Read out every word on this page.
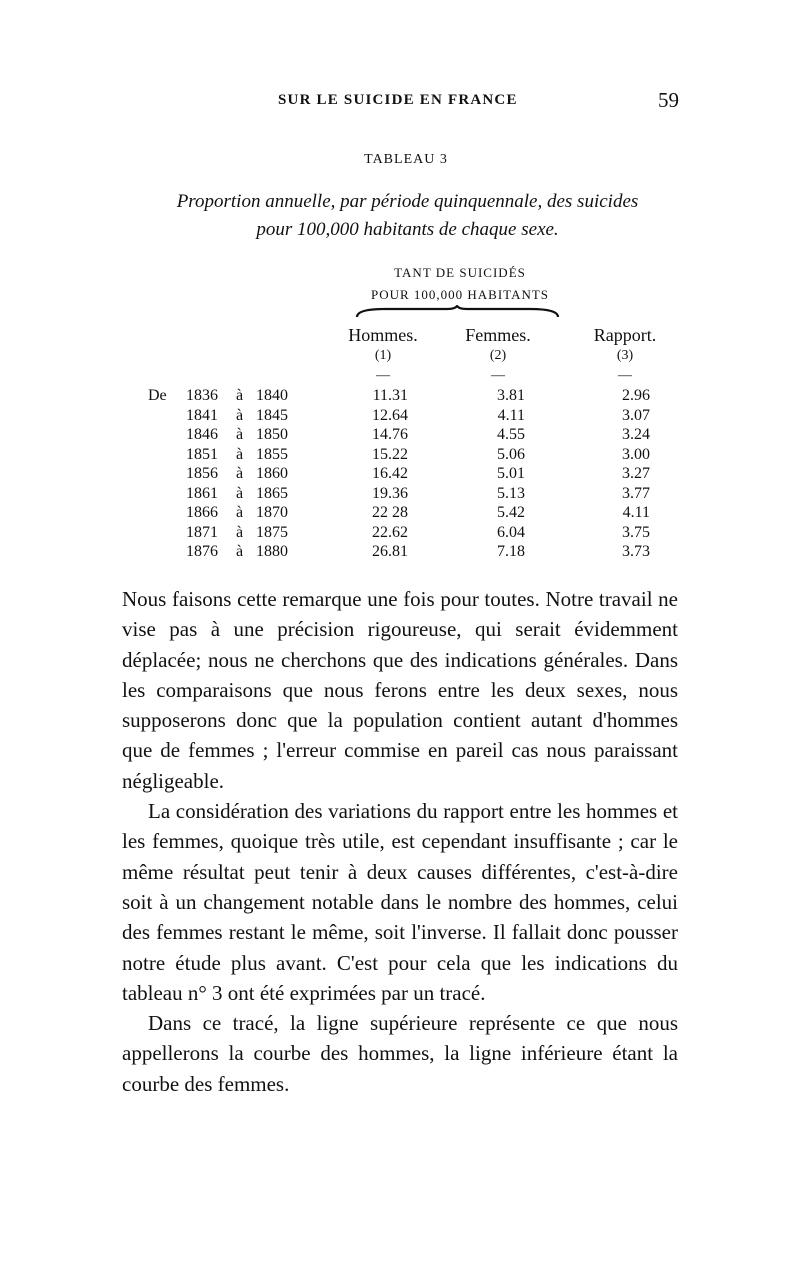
SUR LE SUICIDE EN FRANCE	59
TABLEAU 3
Proportion annuelle, par période quinquennale, des suicides
pour 100,000 habitants de chaque sexe.
TANT DE SUICIDÉS
POUR 100,000 HABITANTS
Hommes.	Femmes.	Rapport.
(1)	(2)	(3)
—	—	—
De 1836 à 1840	11.31	3.81	2.96
1841 à 1845	12.64	4.11	3.07
1846 à 1850	14.76	4.55	3.24
1851 à 1855	15.22	5.06	3.00
1856 à 1860	16.42	5.01	3.27
1861 à 1865	19.36	5.13	3.77
1866 à 1870	22 28	5.42	4.11
1871 à 1875	22.62	6.04	3.75
1876 à 1880	26.81	7.18	3.73

Nous faisons cette remarque une fois pour toutes. Notre travail ne vise pas à une précision rigoureuse, qui serait évidemment déplacée; nous ne cherchons que des indications générales. Dans les comparaisons que nous ferons entre les deux sexes, nous supposerons donc que la population contient autant d'hommes que de femmes ; l'erreur commise en pareil cas nous paraissant négligeable.

La considération des variations du rapport entre les hommes et les femmes, quoique très utile, est cependant insuffisante ; car le même résultat peut tenir à deux causes différentes, c'est-à-dire soit à un changement notable dans le nombre des hommes, celui des femmes restant le même, soit l'inverse. Il fallait donc pousser notre étude plus avant. C'est pour cela que les indications du tableau n° 3 ont été exprimées par un tracé.

Dans ce tracé, la ligne supérieure représente ce que nous appellerons la courbe des hommes, la ligne inférieure étant la courbe des femmes.
